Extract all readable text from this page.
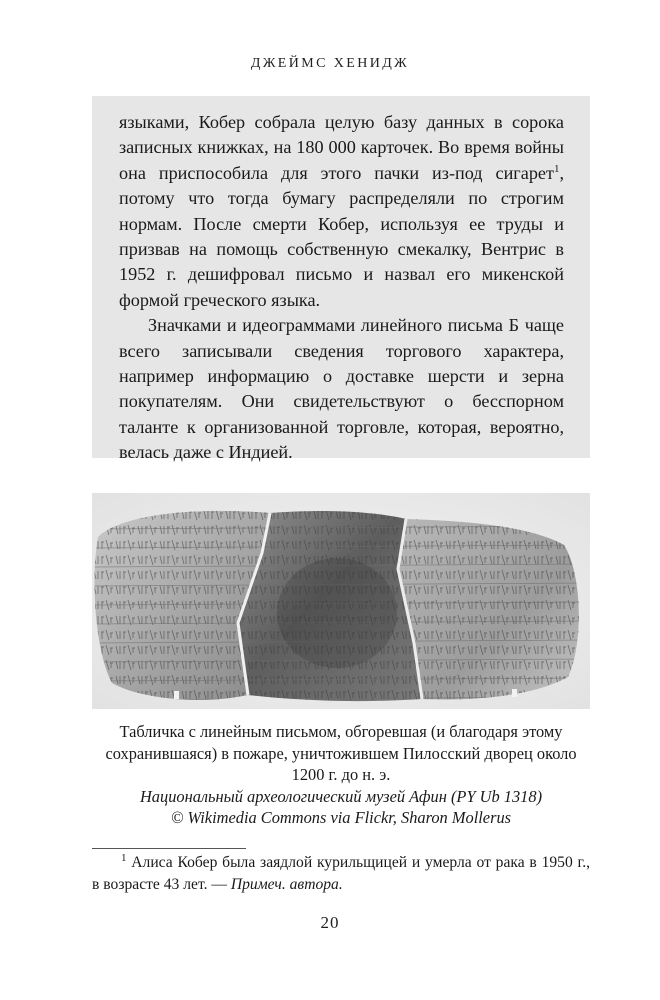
ДЖЕЙМС ХЕНИДЖ

языками, Кобер собрала целую базу данных в сорока записных книжках, на 180 000 карточек. Во время войны она приспособила для этого пачки из-под сигарет$^1$, потому что тогда бумагу распределяли по строгим нормам. После смерти Кобер, используя ее труды и призвав на помощь собственную смекалку, Вентрис в 1952 г. дешифровал письмо и назвал его микенской формой греческого языка.

Значками и идеограммами линейного письма Б чаще всего записывали сведения торгового характера, например информацию о доставке шерсти и зерна покупателям. Они свидетельствуют о бесспорном таланте к организованной торговле, которая, вероятно, велась даже с Индией.

Табличка с линейным письмом, обгоревшая (и благодаря этому сохранившаяся) в пожаре, уничтожившем Пилосский дворец около 1200 г. до н. э.
Национальный археологический музей Афин (PY Ub 1318)
© Wikimedia Commons via Flickr, Sharon Mollerus
$^1$ Алиса Кобер была заядлой курильщицей и умерла от рака в 1950 г., в возрасте 43 лет. — Примеч. автора.
20
